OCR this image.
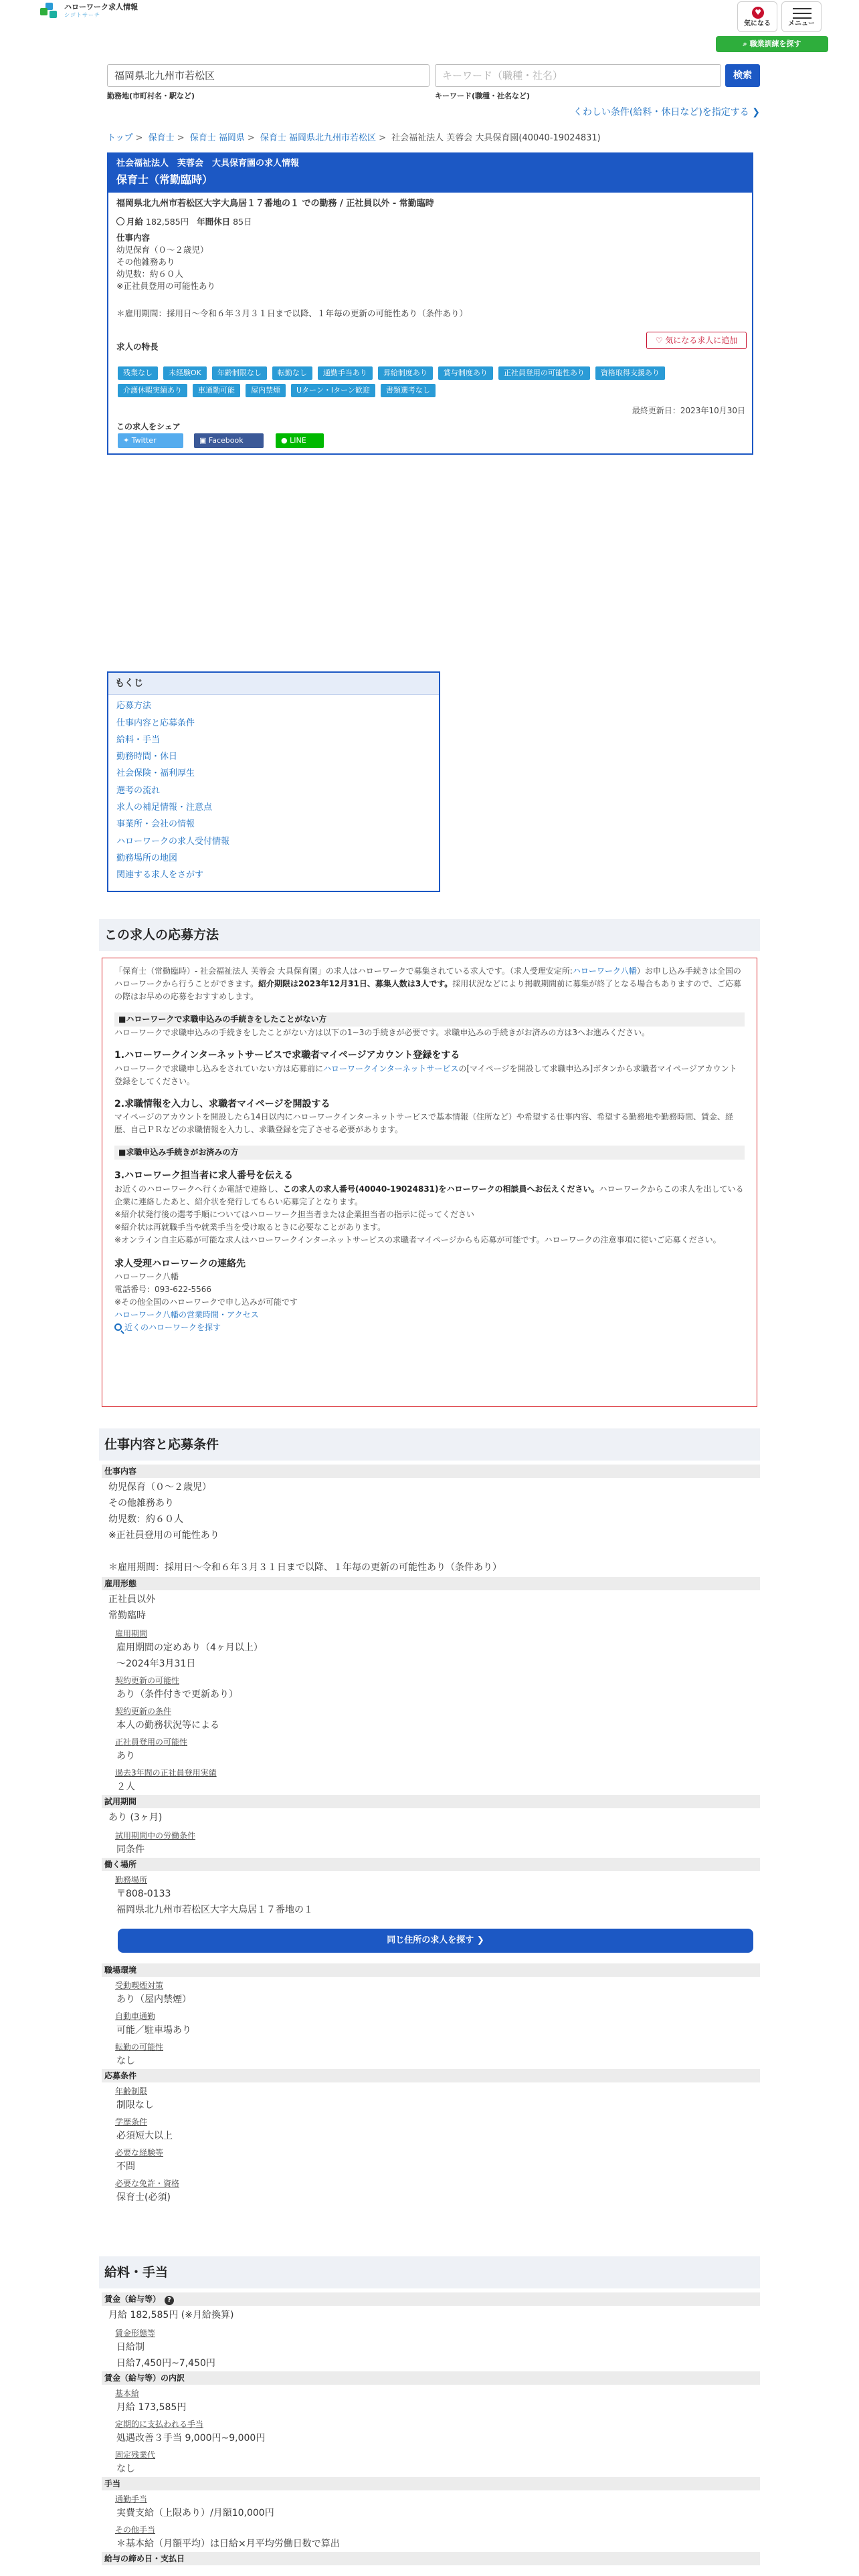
ハローワーク求人情報
シゴトサーチ	♥
気になる	メニュー
⌕ 職業訓練を探す
福岡県北九州市若松区	キーワード（職種・社名）	検索
勤務地(市町村名・駅など)	キーワード(職種・社名など)
くわしい条件(給料・休日など)を指定する ❯
トップ > 保育士 > 保育士 福岡県 > 保育士 福岡県北九州市若松区 > 社会福祉法人 芙蓉会 大具保育園(40040-19024831)
社会福祉法人　芙蓉会　大具保育園の求人情報
保育士（常勤臨時）
福岡県北九州市若松区大字大鳥居１７番地の１ での勤務 / 正社員以外 - 常勤臨時
月給 182,585円 年間休日 85日
仕事内容
幼児保育（０～２歳児）
その他雑務あり
幼児数：約６０人
※正社員登用の可能性あり
＊雇用期間：採用日～令和６年３月３１日まで以降、１年毎の更新の可能性あり（条件あり）
求人の特長
♡ 気になる求人に追加
残業なし	未経験OK	年齢制限なし	転勤なし	通勤手当あり	昇給制度あり	賞与制度あり	正社員登用の可能性あり	資格取得支援あり
介護休暇実績あり	車通勤可能	屋内禁煙	Uターン・Iターン歓迎	書類選考なし
最終更新日：2023年10月30日
この求人をシェア
✦ Twitter	▣ Facebook	● LINE
もくじ
応募方法
仕事内容と応募条件
給料・手当
勤務時間・休日
社会保険・福利厚生
選考の流れ
求人の補足情報・注意点
事業所・会社の情報
ハローワークの求人受付情報
勤務場所の地図
関連する求人をさがす
この求人の応募方法

「保育士（常勤臨時）- 社会福祉法人 芙蓉会 大具保育園」の求人はハローワークで募集されている求人です。（求人受理安定所:ハローワーク八幡）お申し込み手続きは全国のハローワークから行うことができます。紹介期限は2023年12月31日、募集人数は3人です。採用状況などにより掲載期間前に募集が終了となる場合もありますので、ご応募の際はお早めの応募をおすすめします。

■ハローワークで求職申込みの手続きをしたことがない方

ハローワークで求職申込みの手続きをしたことがない方は以下の1~3の手続きが必要です。求職申込みの手続きがお済みの方は3へお進みください。

1.ハローワークインターネットサービスで求職者マイページアカウント登録をする

ハローワークで求職申し込みをされていない方は応募前にハローワークインターネットサービスの[マイページを開設して求職申込み]ボタンから求職者マイページアカウント登録をしてください。

2.求職情報を入力し、求職者マイページを開設する

マイページのアカウントを開設したら14日以内にハローワークインターネットサービスで基本情報（住所など）や希望する仕事内容、希望する勤務地や勤務時間、賃金、経歴、自己ＰＲなどの求職情報を入力し、求職登録を完了させる必要があります。

■求職申込み手続きがお済みの方
3.ハローワーク担当者に求人番号を伝える

お近くのハローワークへ行くか電話で連絡し、この求人の求人番号(40040-19024831)をハローワークの相談員へお伝えください。ハローワークからこの求人を出している企業に連絡したあと、紹介状を発行してもらい応募完了となります。

※紹介状発行後の選考手順についてはハローワーク担当者または企業担当者の指示に従ってください

※紹介状は再就職手当や就業手当を受け取るときに必要なことがあります。

※オンライン自主応募が可能な求人はハローワークインターネットサービスの求職者マイページからも応募が可能です。ハローワークの注意事項に従いご応募ください。

求人受理ハローワークの連絡先

ハローワーク八幡

電話番号：093-622-5566

※その他全国のハローワークで申し込みが可能です

ハローワーク八幡の営業時間・アクセス

近くのハローワークを探す

仕事内容と応募条件
仕事内容
幼児保育（０～２歳児）
その他雑務あり
幼児数：約６０人
※正社員登用の可能性あり
＊雇用期間：採用日～令和６年３月３１日まで以降、１年毎の更新の可能性あり（条件あり）
雇用形態
正社員以外
常勤臨時
雇用期間
雇用期間の定めあり（4ヶ月以上）
～2024年3月31日
契約更新の可能性
あり（条件付きで更新あり）
契約更新の条件
本人の勤務状況等による
正社員登用の可能性
あり
過去3年間の正社員登用実績
２人
試用期間
あり (3ヶ月)
試用期間中の労働条件
同条件
働く場所
勤務場所
〒808-0133
福岡県北九州市若松区大字大鳥居１７番地の１
同じ住所の求人を探す ❯
職場環境
受動喫煙対策
あり（屋内禁煙）
自動車通勤
可能／駐車場あり
転勤の可能性
なし
応募条件
年齢制限
制限なし
学歴条件
必須短大以上
必要な経験等
不問
必要な免許・資格
保育士(必須)
給料・手当
賃金（給与等） ?
月給 182,585円 (※月給換算)
賃金形態等
日給制
日給7,450円~7,450円
賃金（給与等）の内訳
基本給
月給 173,585円
定期的に支払われる手当
処遇改善３手当 9,000円~9,000円
固定残業代
なし
手当
通勤手当
実費支給（上限あり）/月額10,000円
その他手当
＊基本給（月額平均）は日給×月平均労働日数で算出
給与の締め日・支払日
